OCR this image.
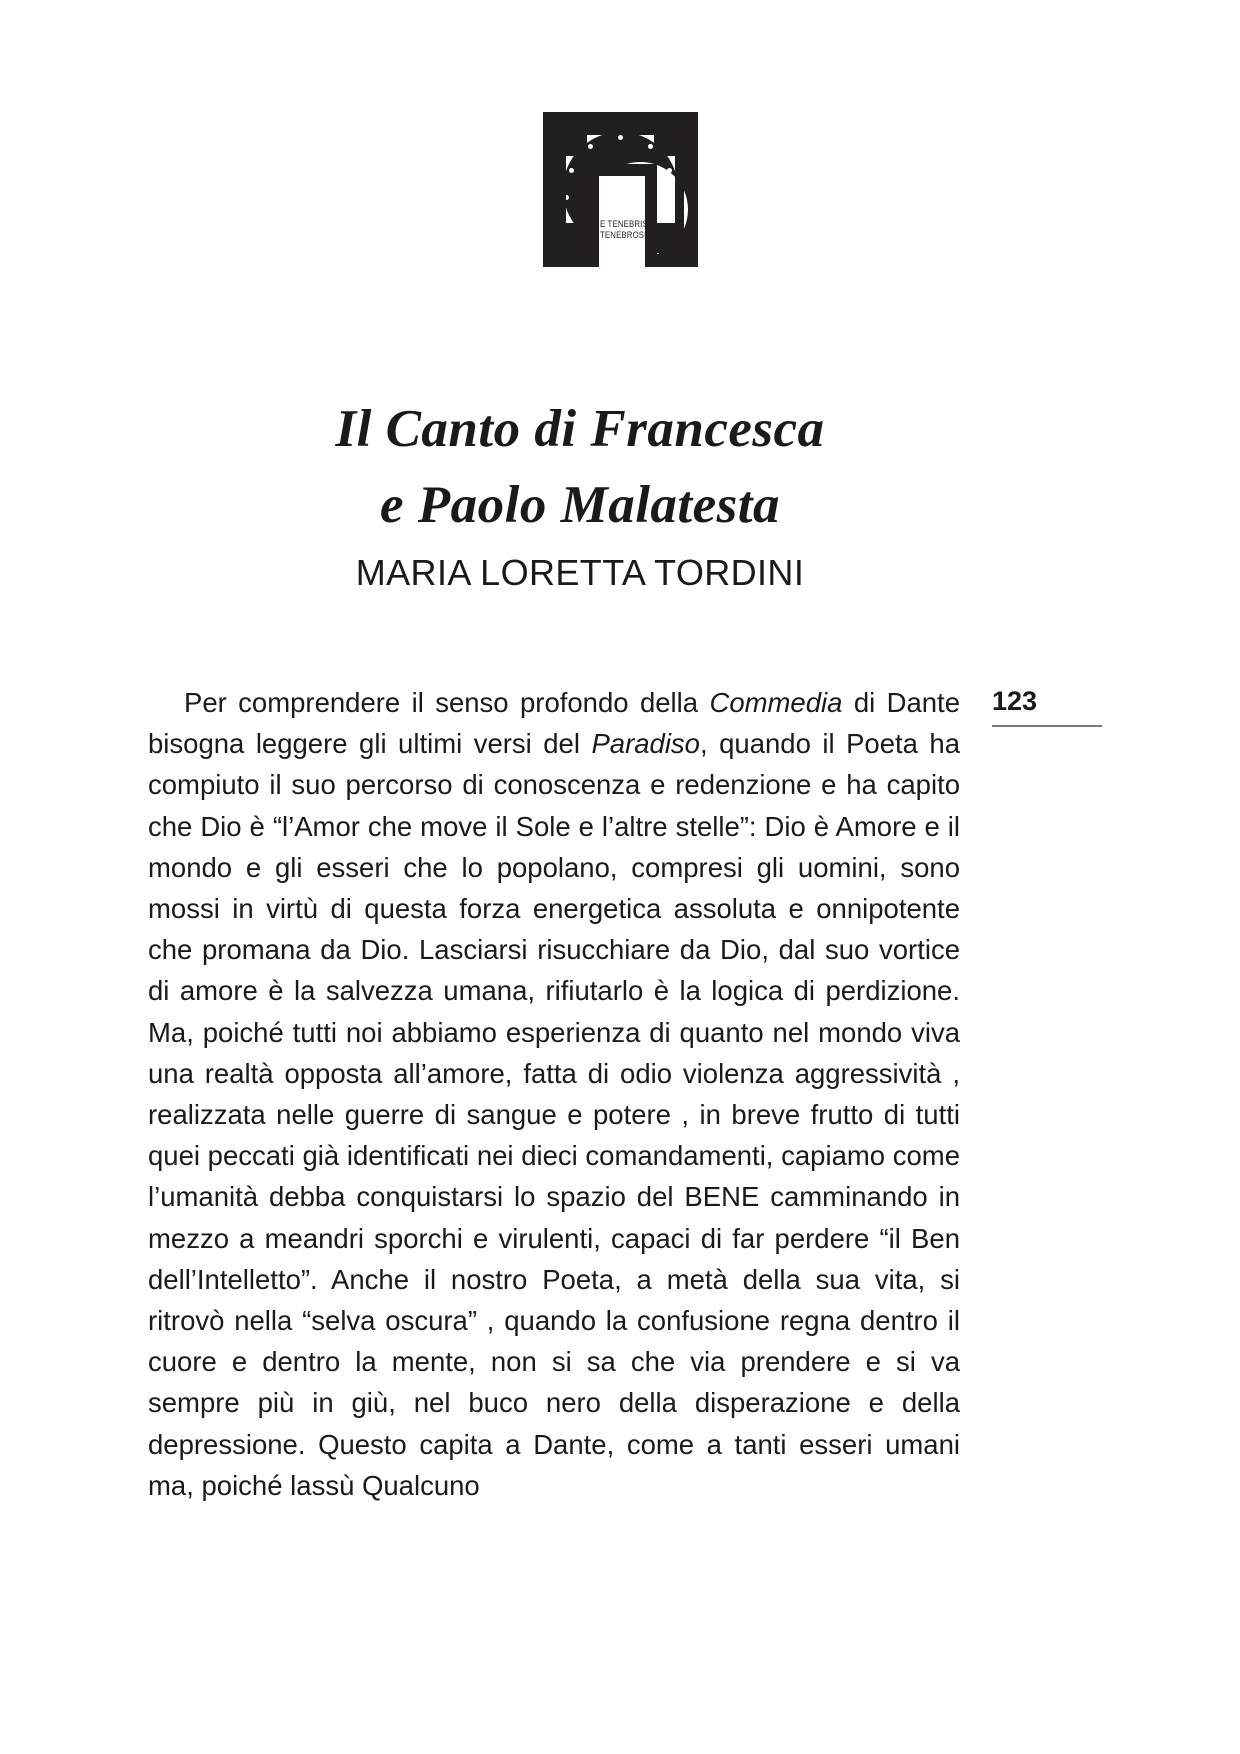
E TENEBRIS
TENEBROSI
Il Canto di Francesca
e Paolo Malatesta
MARIA LORETTA TORDINI
123

Per comprendere il senso profondo della Commedia di Dante bisogna leggere gli ultimi versi del Paradiso, quando il Poeta ha compiuto il suo percorso di conoscenza e redenzione e ha capito che Dio è “l’Amor che move il Sole e l’altre stelle”: Dio è Amore e il mondo e gli esseri che lo popolano, compresi gli uomini, sono mossi in virtù di questa forza energetica assoluta e onnipotente che promana da Dio. Lasciarsi risucchiare da Dio, dal suo vortice di amore è la salvezza umana, rifiutarlo è la logica di perdizione. Ma, poiché tutti noi abbiamo esperienza di quanto nel mondo viva una realtà opposta all’amore, fatta di odio violenza aggressività , realizzata nelle guerre di sangue e potere , in breve frutto di tutti quei peccati già identificati nei dieci comandamenti, capiamo come l’umanità debba conquistarsi lo spazio del BENE camminando in mezzo a meandri sporchi e virulenti, capaci di far perdere “il Ben dell’Intelletto”. Anche il nostro Poeta, a metà della sua vita, si ritrovò nella “selva oscura” , quando la confusione regna dentro il cuore e dentro la mente, non si sa che via prendere e si va sempre più in giù, nel buco nero della disperazione e della depressione. Questo capita a Dante, come a tanti esseri umani ma, poiché lassù Qualcuno
